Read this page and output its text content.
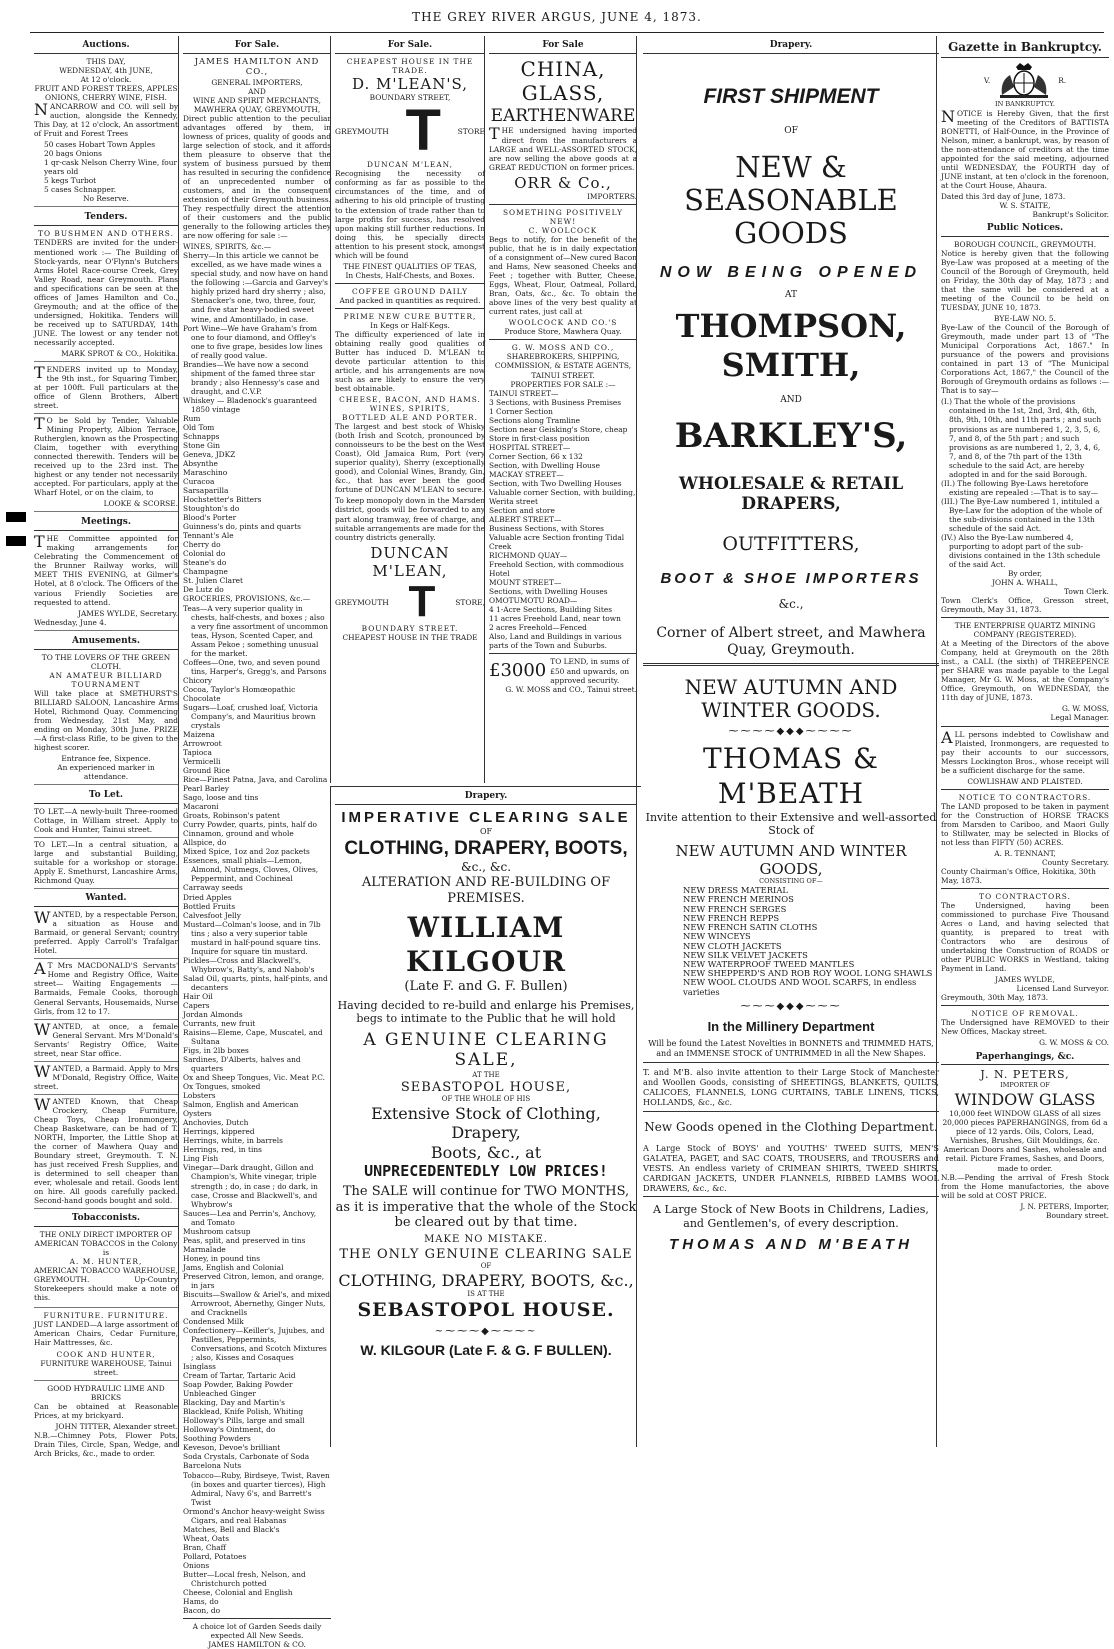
THE GREY RIVER ARGUS, JUNE 4, 1873.
Auctions.
THIS DAY,
WEDNESDAY, 4th JUNE,
At 12 o'clock.
FRUIT AND FOREST TREES, APPLES ONIONS, CHERRY WINE, FISH.
NANCARROW and CO. will sell by auction, alongside the Kennedy, This Day, at 12 o'clock, An assortment of Fruit and Forest Trees
50 cases Hobart Town Apples
20 bags Onions
1 qr-cask Nelson Cherry Wine, four years old
5 kegs Turbot
5 cases Schnapper.
No Reserve.
Tenders.
TO BUSHMEN AND OTHERS.
TENDERS are invited for the under-mentioned work :— The Building of Stock-yards, near O'Flynn's Butchers Arms Hotel Race-course Creek, Grey Valley Road, near Greymouth. Plans and specifications can be seen at the offices of James Hamilton and Co., Greymouth; and at the office of the undersigned, Hokitika. Tenders will be received up to SATURDAY, 14th JUNE. The lowest or any tender not necessarily accepted.
MARK SPROT & CO., Hokitika.
TENDERS invited up to Monday, the 9th inst., for Squaring Timber, at per 100ft. Full particulars at the office of Glenn Brothers, Albert street.
TO be Sold by Tender, Valuable Mining Property, Albion Terrace, Rutherglen, known as the Prospecting Claim, together with everything connected therewith. Tenders will be received up to the 23rd inst. The highest or any tender not necessarily accepted. For particulars, apply at the Wharf Hotel, or on the claim, to
LOOKE & SCORSE.
Meetings.
THE Committee appointed for making arrangements for Celebrating the Commencement of the Brunner Railway works, will MEET THIS EVENING, at Gilmer's Hotel, at 8 o'clock. The Officers of the various Friendly Societies are requested to attend.
JAMES WYLDE, Secretary.
Wednesday, June 4.
Amusements.
TO THE LOVERS OF THE GREEN CLOTH.
AN AMATEUR BILLIARD TOURNAMENT
Will take place at SMETHURST'S BILLIARD SALOON, Lancashire Arms Hotel, Richmond Quay. Commencing from Wednesday, 21st May, and ending on Monday, 30th June. PRIZE—A first-class Rifle, to be given to the highest scorer.
Entrance fee, Sixpence.
An experienced marker in attendance.
To Let.
TO LET.—A newly-built Three-roomed Cottage, in William street. Apply to Cook and Hunter, Tainui street.
TO LET.—In a central situation, a large and substantial Building, suitable for a workshop or storage. Apply E. Smethurst, Lancashire Arms, Richmond Quay.
Wanted.
WANTED, by a respectable Person, a situation as House and Barmaid, or general Servant; country preferred. Apply Carroll's Trafalgar Hotel.
AT Mrs MACDONALD'S Servants' Home and Registry Office, Waite street— Waiting Engagements — Barmaids, Female Cooks, thorough General Servants, Housemaids, Nurse Girls, from 12 to 17.
WANTED, at once, a female General Servant. Mrs M'Donald's Servants' Registry Office, Waite street, near Star office.
WANTED, a Barmaid. Apply to Mrs M'Donald, Registry Office, Waite street.
WANTED Known, that Cheap Crockery, Cheap Furniture, Cheap Toys, Cheap Ironmongery, Cheap Basketware, can be had of T. NORTH, Importer, the Little Shop at the corner of Mawhera Quay and Boundary street, Greymouth. T. N. has just received Fresh Supplies, and is determined to sell cheaper than ever, wholesale and retail. Goods lent on hire. All goods carefully packed. Second-hand goods bought and sold.
Tobacconists.
THE ONLY DIRECT IMPORTER OF AMERICAN TOBACCOS in the Colony is
A. M. HUNTER,
AMERICAN TOBACCO WAREHOUSE, GREYMOUTH. Up-Country Storekeepers should make a note of this.
FURNITURE. FURNITURE.
JUST LANDED—A large assortment of American Chairs, Cedar Furniture, Hair Mattresses, &c.
COOK AND HUNTER,
FURNITURE WAREHOUSE, Tainui street.
GOOD HYDRAULIC LIME AND BRICKS
Can be obtained at Reasonable Prices, at my brickyard.
JOHN TITTER, Alexander street.
N.B.—Chimney Pots, Flower Pots, Drain Tiles, Circle, Span, Wedge, and Arch Bricks, &c., made to order.
For Sale.
JAMES HAMILTON AND CO.,
GENERAL IMPORTERS,
AND
WINE AND SPIRIT MERCHANTS,
MAWHERA QUAY, GREYMOUTH,
Direct public attention to the peculiar advantages offered by them, in lowness of prices, quality of goods and large selection of stock, and it affords them pleasure to observe that the system of business pursued by them has resulted in securing the confidence of an unprecedented number of customers, and in the consequent extension of their Greymouth business. They respectfully direct the attention of their customers and the public generally to the following articles they are now offering for sale :—
WINES, SPIRITS, &c.—
Sherry—In this article we cannot be excelled, as we have made wines a special study, and now have on hand the following :—Garcia and Garvey's highly prized hard dry sherry ; also, Stenacker's one, two, three, four, and five star heavy-bodied sweet wine, and Amontillado, in case.
Port Wine—We have Graham's from one to four diamond, and Offley's one to five grape, besides low lines of really good value.
Brandies—We have now a second shipment of the famed three star brandy ; also Hennessy's case and draught, and C.V.P.
Whiskey — Bladenock's guaranteed 1850 vintage
Rum
Old Tom
Schnapps
Stone Gin
Geneva, JDKZ
Absynthe
Maraschino
Curacoa
Sarsaparilla
Hochstetter's Bitters
Stoughton's do
Blood's Porter
Guinness's do, pints and quarts
Tennant's Ale
Cherry do
Colonial do
Steane's do
Champagne
St. Julien Claret
De Lutz do
GROCERIES, PROVISIONS, &c.—
Teas—A very superior quality in chests, half-chests, and boxes ; also a very fine assortment of uncommon teas, Hyson, Scented Caper, and Assam Pekoe ; something unusual for the market.
Coffees—One, two, and seven pound tins, Harper's, Gregg's, and Parsons
Chicory
Cocoa, Taylor's Homœopathic
Chocolate
Sugars—Loaf, crushed loaf, Victoria Company's, and Mauritius brown crystals
Maizena
Arrowroot
Tapioca
Vermicelli
Ground Rice
Rice—Finest Patna, Java, and Carolina
Pearl Barley
Sago, loose and tins
Macaroni
Groats, Robinson's patent
Curry Powder, quarts, pints, half do
Cinnamon, ground and whole
Allspice, do
Mixed Spice, 1oz and 2oz packets
Essences, small phials—Lemon, Almond, Nutmegs, Cloves, Olives, Peppermint, and Cochineal
Carraway seeds
Dried Apples
Bottled Fruits
Calvesfoot Jelly
Mustard—Colman's loose, and in 7lb tins ; also a very superior table mustard in half-pound square tins. Inquire for square tin mustard.
Pickles—Cross and Blackwell's, Whybrow's, Batty's, and Nabob's
Salad Oil, quarts, pints, half-pints, and decanters
Hair Oil
Capers
Jordan Almonds
Currants, new fruit
Raisins—Eleme, Cape, Muscatel, and Sultana
Figs, in 2lb boxes
Sardines, D'Alberts, halves and quarters
Ox and Sheep Tongues, Vic. Meat P.C.
Ox Tongues, smoked
Lobsters
Salmon, English and American
Oysters
Anchovies, Dutch
Herrings, kippered
Herrings, white, in barrels
Herrings, red, in tins
Ling Fish
Vinegar—Dark draught, Gillon and Champion's, White vinegar, triple strength ; do, in case ; do dark, in case, Crosse and Blackwell's, and Whybrow's
Sauces—Lea and Perrin's, Anchovy, and Tomato
Mushroom catsup
Peas, split, and preserved in tins
Marmalade
Honey, in pound tins
Jams, English and Colonial
Preserved Citron, lemon, and orange, in jars
Biscuits—Swallow & Ariel's, and mixed Arrowroot, Abernethy, Ginger Nuts, and Cracknells
Condensed Milk
Confectionery—Keiller's, Jujubes, and Pastilles, Peppermints, Conversations, and Scotch Mixtures ; also, Kisses and Cosaques
Isinglass
Cream of Tartar, Tartaric Acid
Soap Powder, Baking Powder
Unbleached Ginger
Blacking, Day and Martin's
Blacklead, Knife Polish, Whiting
Holloway's Pills, large and small
Holloway's Ointment, do
Soothing Powders
Keveson, Devoe's brilliant
Soda Crystals, Carbonate of Soda
Barcelona Nuts
Tobacco—Ruby, Birdseye, Twist, Raven (in boxes and quarter tierces), High Admiral, Navy 6's, and Barrett's Twist
Ormond's Anchor heavy-weight Swiss Cigars, and real Habanas
Matches, Bell and Black's
Wheat, Oats
Bran, Chaff
Pollard, Potatoes
Onions
Butter—Local fresh, Nelson, and Christchurch potted
Cheese, Colonial and English
Hams, do
Bacon, do
A choice lot of Garden Seeds daily expected All New Seeds.
JAMES HAMILTON & CO.
For Sale.
CHEAPEST HOUSE IN THE TRADE.
D. M'LEAN'S,
BOUNDARY STREET,
GREYMOUTH T STORE
DUNCAN M'LEAN,
Recognising the necessity of conforming as far as possible to the circumstances of the time, and of adhering to his old principle of trusting to the extension of trade rather than to large profits for success, has resolved upon making still further reductions. In doing this, he specially directs attention to his present stock, amongst which will be found
THE FINEST QUALITIES OF TEAS,
In Chests, Half-Chests, and Boxes.
COFFEE GROUND DAILY
And packed in quantities as required.
PRIME NEW CURE BUTTER,
In Kegs or Half-Kegs.
The difficulty experienced of late in obtaining really good qualities of Butter has induced D. M'LEAN to devote particular attention to this article, and his arrangements are now such as are likely to ensure the very best obtainable.
CHEESE, BACON, AND HAMS.
WINES, SPIRITS,
BOTTLED ALE AND PORTER.
The largest and best stock of Whisky (both Irish and Scotch, pronounced by connoisseurs to be the best on the West Coast), Old Jamaica Rum, Port (very superior quality), Sherry (exceptionally good), and Colonial Wines, Brandy, Gin, &c., that has ever been the good fortune of DUNCAN M'LEAN to secure.
To keep monopoly down in the Marsden district, goods will be forwarded to any part along tramway, free of charge, and suitable arrangements are made for the country districts generally.
DUNCAN M'LEAN,
GREYMOUTH T	STORE,
BOUNDARY STREET.
CHEAPEST HOUSE IN THE TRADE
For Sale
CHINA,
GLASS,
EARTHENWARE
THE undersigned having imported direct from the manufacturers a LARGE and WELL-ASSORTED STOCK, are now selling the above goods at a GREAT REDUCTION on former prices.
ORR & Co.,
IMPORTERS.
SOMETHING POSITIVELY NEW!
C. WOOLCOCK
Begs to notify, for the benefit of the public, that he is in daily expectation of a consignment of—New cured Bacon and Hams, New seasoned Cheeks and Feet ; together with Butter, Cheese, Eggs, Wheat, Flour, Oatmeal, Pollard, Bran, Oats, &c., &c. To obtain the above lines of the very best quality at current rates, just call at
WOOLCOCK AND CO.'S
Produce Store, Mawhera Quay.
G. W. MOSS AND CO.,
SHAREBROKERS, SHIPPING, COMMISSION, & ESTATE AGENTS,
TAINUI STREET.
PROPERTIES FOR SALE :—
TAINUI STREET—
3 Sections, with Business Premises
1 Corner Section
Sections along Tramline
Section near Geisking's Store, cheap
Store in first-class position
HOSPITAL STREET—
Corner Section, 66 x 132
Section, with Dwelling House
MACKAY STREET—
Section, with Two Dwelling Houses
Valuable corner Section, with building, Werita street
Section and store
ALBERT STREET—
Business Sections, with Stores
Valuable acre Section fronting Tidal Creek
RICHMOND QUAY—
Freehold Section, with commodious Hotel
MOUNT STREET—
Sections, with Dwelling Houses
OMOTUMOTU ROAD—
4 1-Acre Sections, Building Sites
11 acres Freehold Land, near town
2 acres Freehold—Fenced
Also, Land and Buildings in various parts of the Town and Suburbs.
£3000 TO LEND, in sums of £50 and upwards, on approved security.
G. W. MOSS and CO., Tainui street.
Drapery.
IMPERATIVE CLEARING SALE
OF
CLOTHING, DRAPERY, BOOTS,
&c., &c.
ALTERATION AND RE-BUILDING OF PREMISES.
WILLIAM KILGOUR
(Late F. and G. F. Bullen)
Having decided to re-build and enlarge his Premises, begs to intimate to the Public that he will hold
A GENUINE CLEARING SALE,
AT THE
SEBASTOPOL HOUSE,
OF THE WHOLE OF HIS
Extensive Stock of Clothing, Drapery,
Boots, &c., at
UNPRECEDENTEDLY LOW PRICES!
The SALE will continue for TWO MONTHS, as it is imperative that the whole of the Stock be cleared out by that time.
MAKE NO MISTAKE.
THE ONLY GENUINE CLEARING SALE
OF
CLOTHING, DRAPERY, BOOTS, &c.,
IS AT THE
SEBASTOPOL HOUSE.
~⁓⁓⁓◆⁓⁓⁓~
W. KILGOUR (Late F. & G. F BULLEN).
Drapery.
FIRST SHIPMENT
OF
NEW & SEASONABLE GOODS
NOW BEING OPENED
AT
THOMPSON, SMITH,
AND
BARKLEY'S,
WHOLESALE & RETAIL DRAPERS,
OUTFITTERS,
BOOT & SHOE IMPORTERS
&c.,
Corner of Albert street, and Mawhera Quay, Greymouth.
NEW AUTUMN AND WINTER GOODS.
⁓⁓⁓⁓◆◆◆⁓⁓⁓⁓
THOMAS & M'BEATH
Invite attention to their Extensive and well-assorted Stock of
NEW AUTUMN AND WINTER GOODS,
CONSISTING OF—
NEW DRESS MATERIAL
NEW FRENCH MERINOS
NEW FRENCH SERGES
NEW FRENCH REPPS
NEW FRENCH SATIN CLOTHS
NEW WINCEYS
NEW CLOTH JACKETS
NEW SILK VELVET JACKETS
NEW WATERPROOF TWEED MANTLES
NEW SHEPPERD'S AND ROB ROY WOOL LONG SHAWLS
NEW WOOL CLOUDS AND WOOL SCARFS, in endless varieties
⁓⁓⁓◆◆◆⁓⁓⁓
In the Millinery Department
Will be found the Latest Novelties in BONNETS and TRIMMED HATS, and an IMMENSE STOCK of UNTRIMMED in all the New Shapes.
T. and M'B. also invite attention to their Large Stock of Manchester and Woollen Goods, consisting of SHEETINGS, BLANKETS, QUILTS, CALICOES, FLANNELS, LONG CURTAINS, TABLE LINENS, TICKS, HOLLANDS, &c., &c.
New Goods opened in the Clothing Department.
A Large Stock of BOYS' and YOUTHS' TWEED SUITS, MEN'S GALATEA, PAGET, and SAC COATS, TROUSERS, and TROUSERS and VESTS. An endless variety of CRIMEAN SHIRTS, TWEED SHIRTS, CARDIGAN JACKETS, UNDER FLANNELS, RIBBED LAMBS WOOL DRAWERS, &c., &c.
A Large Stock of New Boots in Childrens, Ladies, and Gentlemen's, of every description.
THOMAS AND M'BEATH
Gazette in Bankruptcy.
V.	R.
IN BANKRUPTCY.
NOTICE is Hereby Given, that the first meeting of the Creditors of BATTISTA BONETTI, of Half-Ounce, in the Province of Nelson, miner, a bankrupt, was, by reason of the non-attendance of creditors at the time appointed for the said meeting, adjourned until WEDNESDAY, the FOURTH day of JUNE instant, at ten o'clock in the forenoon, at the Court House, Ahaura.
Dated this 3rd day of June, 1873.
W. S. STAITE,
Bankrupt's Solicitor.
Public Notices.
BOROUGH COUNCIL, GREYMOUTH.
Notice is hereby given that the following Bye-Law was proposed at a meeting of the Council of the Borough of Greymouth, held on Friday, the 30th day of May, 1873 ; and that the same will be considered at a meeting of the Council to be held on TUESDAY, JUNE 10, 1873.
BYE-LAW NO. 5.
Bye-Law of the Council of the Borough of Greymouth, made under part 13 of "The Municipal Corporations Act, 1867." In pursuance of the powers and provisions contained in part 13 of "The Municipal Corporations Act, 1867," the Council of the Borough of Greymouth ordains as follows :—That is to say—
(I.) That the whole of the provisions contained in the 1st, 2nd, 3rd, 4th, 6th, 8th, 9th, 10th, and 11th parts ; and such provisions as are numbered 1, 2, 3, 5, 6, 7, and 8, of the 5th part ; and such provisions as are numbered 1, 2, 3, 4, 6, 7, and 8, of the 7th part of the 13th schedule to the said Act, are hereby adopted in and for the said Borough.
(II.) The following Bye-Laws heretofore existing are repealed :—That is to say—
(III.) The Bye-Law numbered 1, intituled a Bye-Law for the adoption of the whole of the sub-divisions contained in the 13th schedule of the said Act.
(IV.) Also the Bye-Law numbered 4, purporting to adopt part of the sub-divisions contained in the 13th schedule of the said Act.
By order,
JOHN A. WHALL,
Town Clerk.
Town Clerk's Office, Gresson street, Greymouth, May 31, 1873.
THE ENTERPRISE QUARTZ MINING COMPANY (REGISTERED).
At a Meeting of the Directors of the above Company, held at Greymouth on the 28th inst., a CALL (the sixth) of THREEPENCE per SHARE was made payable to the Legal Manager, Mr G. W. Moss, at the Company's Office, Greymouth, on WEDNESDAY, the 11th day of JUNE, 1873.
G. W. MOSS,
Legal Manager.
ALL persons indebted to Cowlishaw and Plaisted, Ironmongers, are requested to pay their accounts to our successors, Messrs Lockington Bros., whose receipt will be a sufficient discharge for the same.
COWLISHAW AND PLAISTED.
NOTICE TO CONTRACTORS.
The LAND proposed to be taken in payment for the Construction of HORSE TRACKS from Marsden to Cariboo, and Maori Gully to Stillwater, may be selected in Blocks of not less than FIFTY (50) ACRES.
A. R. TENNANT,
County Secretary.
County Chairman's Office, Hokitika, 30th May, 1873.
TO CONTRACTORS.
The Undersigned, having been commissioned to purchase Five Thousand Acres o Land, and having selected that quantity, is prepared to treat with Contractors who are desirous of undertaking the Construction of ROADS or other PUBLIC WORKS in Westland, taking Payment in Land.
JAMES WYLDE,
Licensed Land Surveyor.
Greymouth, 30th May, 1873.
NOTICE OF REMOVAL.
The Undersigned have REMOVED to their New Offices, Mackay street.
G. W. MOSS & CO.
Paperhangings, &c.
J. N. PETERS,
IMPORTER OF
WINDOW GLASS
10,000 feet WINDOW GLASS of all sizes 20,000 pieces PAPERHANGINGS, from 6d a piece of 12 yards. Oils, Colors, Lead, Varnishes, Brushes, Gilt Mouldings, &c. American Doors and Sashes, wholesale and retail. Picture Frames, Sashes, and Doors, made to order.
N.B.—Pending the arrival of Fresh Stock from the Home manufactories, the above will be sold at COST PRICE.
J. N. PETERS, Importer,
Boundary street.
